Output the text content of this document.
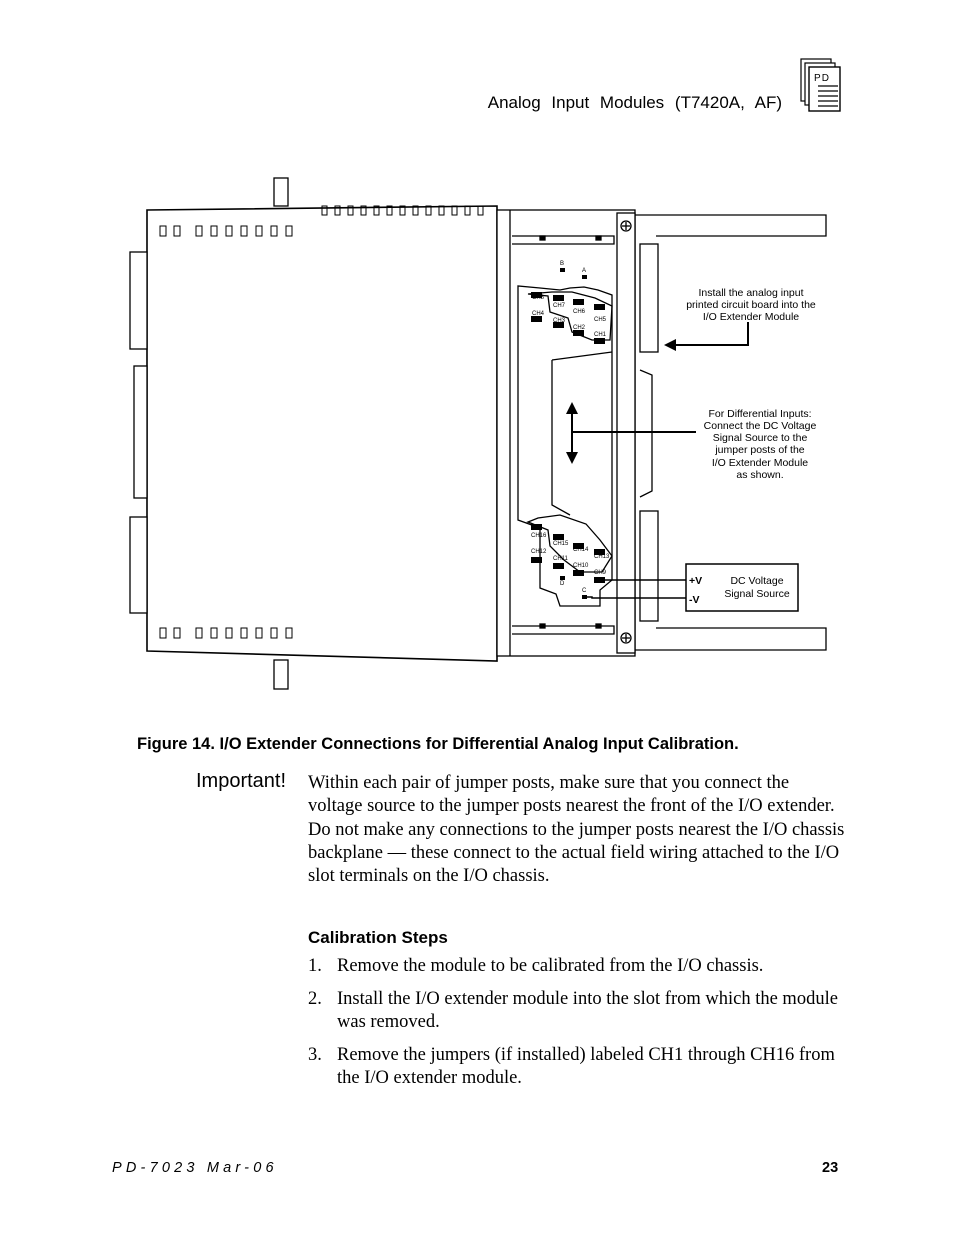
Analog Input Modules (T7420A, AF)
PD
CH8
CH7
CH6
CH5
CH4
CH3
CH2
CH1
CH16
CH15
CH14
CH13
CH12
CH11
CH10
CH9
B
A
D
C
Install the analog input
printed circuit board into the
I/O Extender Module
For Differential Inputs:
Connect the DC Voltage
Signal Source to the
jumper posts of the
I/O Extender Module
as shown.
+V
-V
DC Voltage
Signal Source
Figure 14. I/O Extender Connections for Differential Analog Input Calibration.
Important! Within each pair of jumper posts, make sure that you connect the voltage source to the jumper posts nearest the front of the I/O extender. Do not make any connections to the jumper posts nearest the I/O chassis backplane — these connect to the actual field wiring attached to the I/O slot terminals on the I/O chassis.
Calibration Steps
1. Remove the module to be calibrated from the I/O chassis.
2. Install the I/O extender module into the slot from which the module was removed.
3. Remove the jumpers (if installed) labeled CH1 through CH16 from the I/O extender module.
PD-7023 Mar-06	23
